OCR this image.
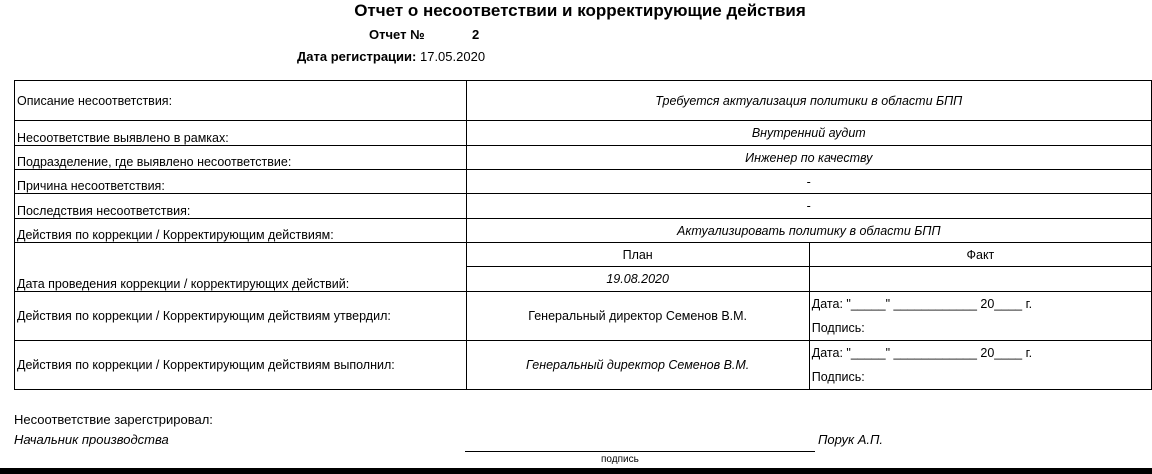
Отчет о несоответствии и корректирующие действия
Отчет №	2
Дата регистрации: 17.05.2020
Описание несоответствия:	Требуется актуализация политики в области БПП	
Несоответствие выявлено в рамках:	Внутренний аудит	
Подразделение, где выявлено несоответствие:	Инженер по качеству	
Причина несоответствия:	-	
Последствия несоответствия:	-	
Действия по коррекции / Корректирующим действиям:	Актуализировать политику в области БПП	
Дата проведения коррекции / корректирующих действий:	План	Факт
	19.08.2020	
Действия по коррекции / Корректирующим действиям утвердил:	Генеральный директор Семенов В.М.	Дата: "_____" ____________ 20____ г.
Подпись:

Действия по коррекции / Корректирующим действиям выполнил:	Генеральный директор Семенов В.М.	Дата: "_____" ____________ 20____ г.
Подпись:
Несоответствие зарегстрировал:
Начальник производства	Порук А.П.
подпись
